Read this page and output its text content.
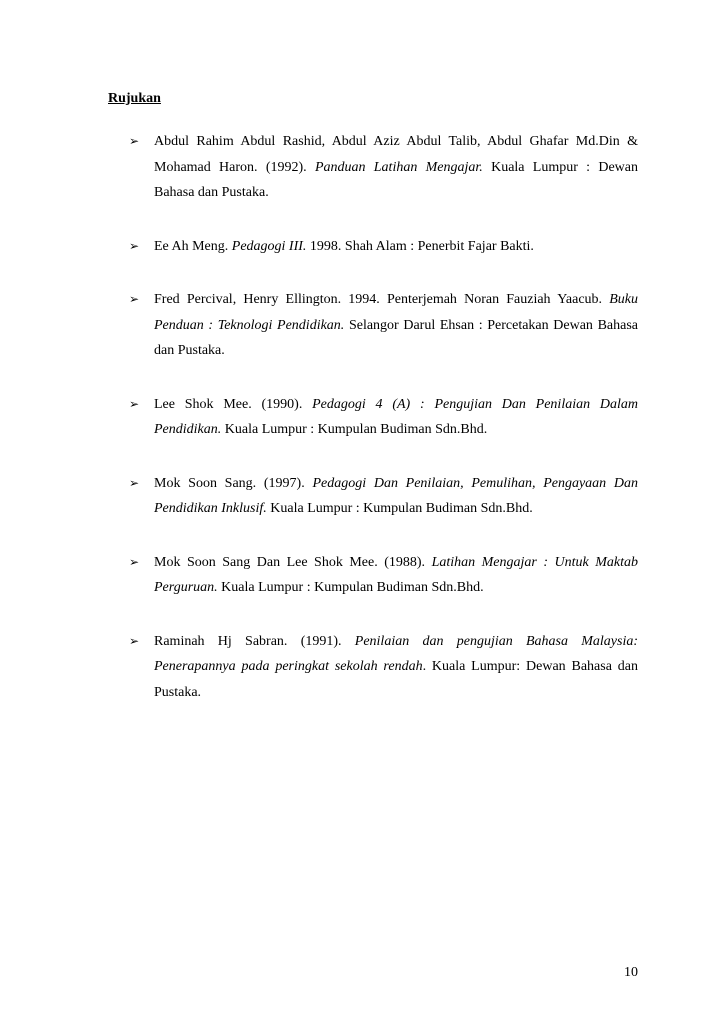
Rujukan
➢ Abdul Rahim Abdul Rashid, Abdul Aziz Abdul Talib, Abdul Ghafar Md.Din & Mohamad Haron. (1992). Panduan Latihan Mengajar. Kuala Lumpur : Dewan Bahasa dan Pustaka.
➢ Ee Ah Meng. Pedagogi III. 1998. Shah Alam : Penerbit Fajar Bakti.
➢ Fred Percival, Henry Ellington. 1994. Penterjemah Noran Fauziah Yaacub. Buku Penduan : Teknologi Pendidikan. Selangor Darul Ehsan : Percetakan Dewan Bahasa dan Pustaka.
➢ Lee Shok Mee. (1990). Pedagogi 4 (A) : Pengujian Dan Penilaian Dalam Pendidikan. Kuala Lumpur : Kumpulan Budiman Sdn.Bhd.
➢ Mok Soon Sang. (1997). Pedagogi Dan Penilaian, Pemulihan, Pengayaan Dan Pendidikan Inklusif. Kuala Lumpur : Kumpulan Budiman Sdn.Bhd.
➢ Mok Soon Sang Dan Lee Shok Mee. (1988). Latihan Mengajar : Untuk Maktab Perguruan. Kuala Lumpur : Kumpulan Budiman Sdn.Bhd.
➢ Raminah Hj Sabran. (1991). Penilaian dan pengujian Bahasa Malaysia: Penerapannya pada peringkat sekolah rendah. Kuala Lumpur: Dewan Bahasa dan Pustaka.
10
